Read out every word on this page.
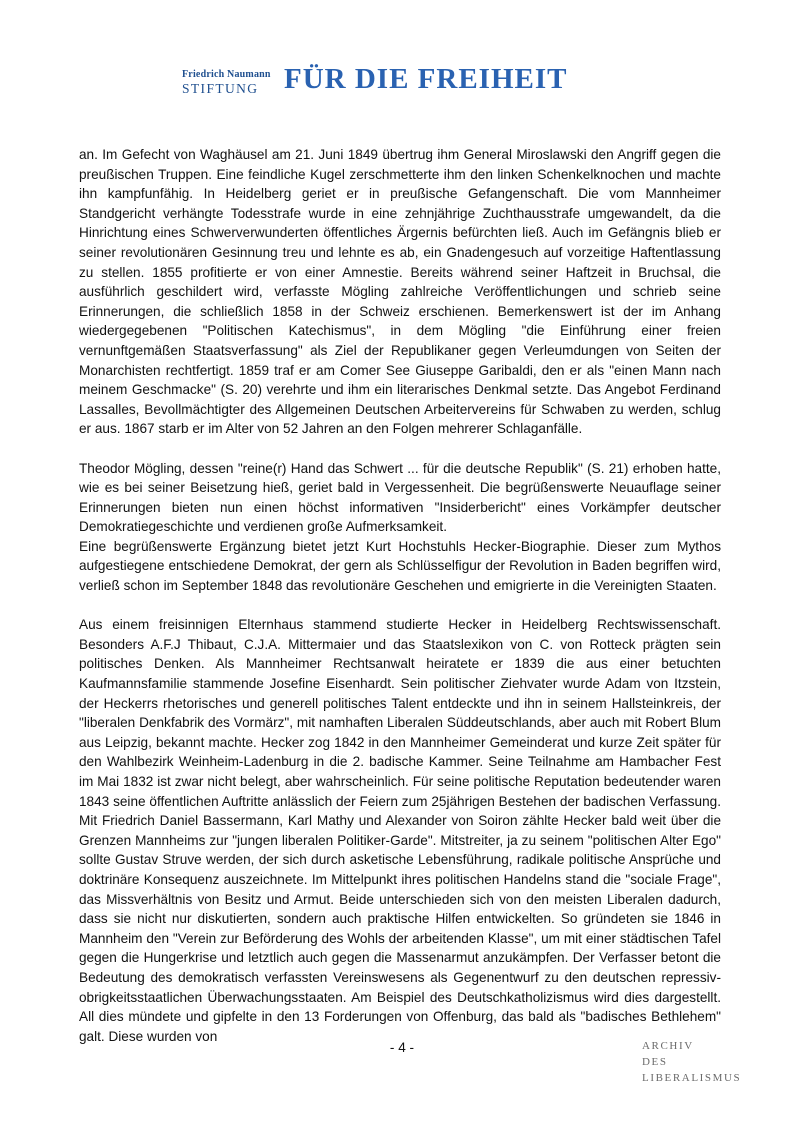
Friedrich Naumann
STIFTUNG FÜR DIE FREIHEIT

an. Im Gefecht von Waghäusel am 21. Juni 1849 übertrug ihm General Miroslawski den Angriff gegen die preußischen Truppen. Eine feindliche Kugel zerschmetterte ihm den linken Schenkelknochen und machte ihn kampfunfähig. In Heidelberg geriet er in preußische Gefangenschaft. Die vom Mannheimer Standgericht verhängte Todesstrafe wurde in eine zehnjährige Zuchthausstrafe umgewandelt, da die Hinrichtung eines Schwerverwunderten öffentliches Ärgernis befürchten ließ. Auch im Gefängnis blieb er seiner revolutionären Gesinnung treu und lehnte es ab, ein Gnadengesuch auf vorzeitige Haftentlassung zu stellen. 1855 profitierte er von einer Amnestie. Bereits während seiner Haftzeit in Bruchsal, die ausführlich geschildert wird, verfasste Mögling zahlreiche Veröffentlichungen und schrieb seine Erinnerungen, die schließlich 1858 in der Schweiz erschienen. Bemerkenswert ist der im Anhang wiedergegebenen "Politischen Katechismus", in dem Mögling "die Einführung einer freien vernunftgemäßen Staatsverfassung" als Ziel der Republikaner gegen Verleumdungen von Seiten der Monarchisten rechtfertigt. 1859 traf er am Comer See Giuseppe Garibaldi, den er als "einen Mann nach meinem Geschmacke" (S. 20) verehrte und ihm ein literarisches Denkmal setzte. Das Angebot Ferdinand Lassalles, Bevollmächtigter des Allgemeinen Deutschen Arbeitervereins für Schwaben zu werden, schlug er aus. 1867 starb er im Alter von 52 Jahren an den Folgen mehrerer Schlaganfälle.

Theodor Mögling, dessen "reine(r) Hand das Schwert ... für die deutsche Republik" (S. 21) erhoben hatte, wie es bei seiner Beisetzung hieß, geriet bald in Vergessenheit. Die begrüßenswerte Neuauflage seiner Erinnerungen bieten nun einen höchst informativen "Insiderbericht" eines Vorkämpfer deutscher Demokratiegeschichte und verdienen große Aufmerksamkeit.

Eine begrüßenswerte Ergänzung bietet jetzt Kurt Hochstuhls Hecker-Biographie. Dieser zum Mythos aufgestiegene entschiedene Demokrat, der gern als Schlüsselfigur der Revolution in Baden begriffen wird, verließ schon im September 1848 das revolutionäre Geschehen und emigrierte in die Vereinigten Staaten.

Aus einem freisinnigen Elternhaus stammend studierte Hecker in Heidelberg Rechtswissenschaft. Besonders A.F.J Thibaut, C.J.A. Mittermaier und das Staatslexikon von C. von Rotteck prägten sein politisches Denken. Als Mannheimer Rechtsanwalt heiratete er 1839 die aus einer betuchten Kaufmannsfamilie stammende Josefine Eisenhardt. Sein politischer Ziehvater wurde Adam von Itzstein, der Heckerrs rhetorisches und generell politisches Talent entdeckte und ihn in seinem Hallsteinkreis, der "liberalen Denkfabrik des Vormärz", mit namhaften Liberalen Süddeutschlands, aber auch mit Robert Blum aus Leipzig, bekannt machte. Hecker zog 1842 in den Mannheimer Gemeinderat und kurze Zeit später für den Wahlbezirk Weinheim-Ladenburg in die 2. badische Kammer. Seine Teilnahme am Hambacher Fest im Mai 1832 ist zwar nicht belegt, aber wahrscheinlich. Für seine politische Reputation bedeutender waren 1843 seine öffentlichen Auftritte anlässlich der Feiern zum 25jährigen Bestehen der badischen Verfassung. Mit Friedrich Daniel Bassermann, Karl Mathy und Alexander von Soiron zählte Hecker bald weit über die Grenzen Mannheims zur "jungen liberalen Politiker-Garde". Mitstreiter, ja zu seinem "politischen Alter Ego" sollte Gustav Struve werden, der sich durch asketische Lebensführung, radikale politische Ansprüche und doktrinäre Konsequenz auszeichnete. Im Mittelpunkt ihres politischen Handelns stand die "sociale Frage", das Missverhältnis von Besitz und Armut. Beide unterschieden sich von den meisten Liberalen dadurch, dass sie nicht nur diskutierten, sondern auch praktische Hilfen entwickelten. So gründeten sie 1846 in Mannheim den "Verein zur Beförderung des Wohls der arbeitenden Klasse", um mit einer städtischen Tafel gegen die Hungerkrise und letztlich auch gegen die Massenarmut anzukämpfen. Der Verfasser betont die Bedeutung des demokratisch verfassten Vereinswesens als Gegenentwurf zu den deutschen repressiv-obrigkeitsstaatlichen Überwachungsstaaten. Am Beispiel des Deutschkatholizismus wird dies dargestellt. All dies mündete und gipfelte in den 13 Forderungen von Offenburg, das bald als "badisches Bethlehem" galt. Diese wurden von

- 4 -	ARCHIV
DES
LIBERALISMUS
